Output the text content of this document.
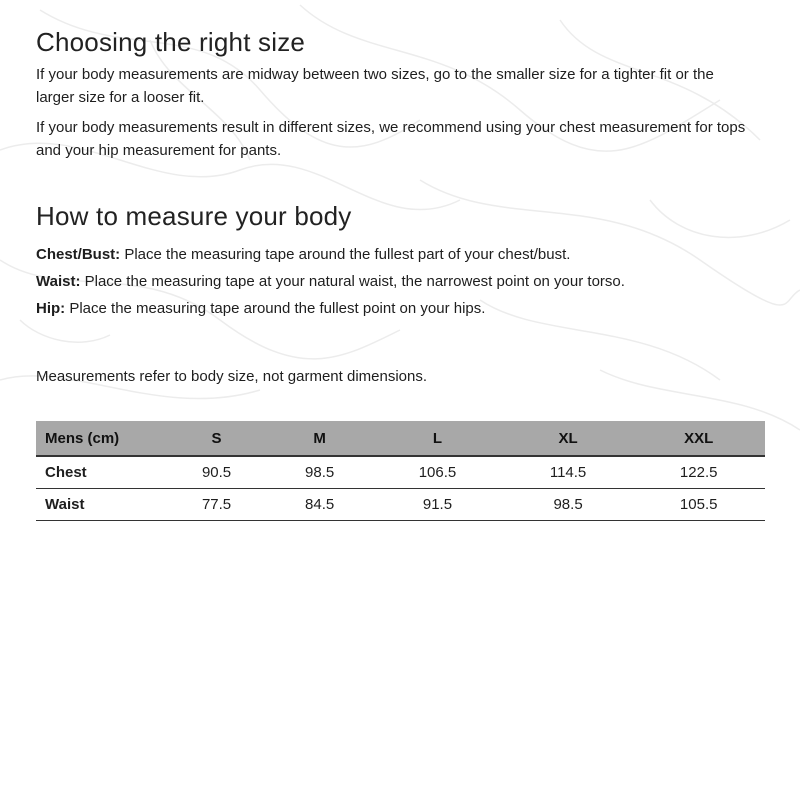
Choosing the right size

If your body measurements are midway between two sizes, go to the smaller size for a tighter fit or the larger size for a looser fit.

If your body measurements result in different sizes, we recommend using your chest measurement for tops and your hip measurement for pants.

How to measure your body
Chest/Bust: Place the measuring tape around the fullest part of your chest/bust.
Waist: Place the measuring tape at your natural waist, the narrowest point on your torso.
Hip: Place the measuring tape around the fullest point on your hips.
Measurements refer to body size, not garment dimensions.
Mens (cm)	S	M	L	XL	XXL
Chest	90.5	98.5	106.5	114.5	122.5
Waist	77.5	84.5	91.5	98.5	105.5
